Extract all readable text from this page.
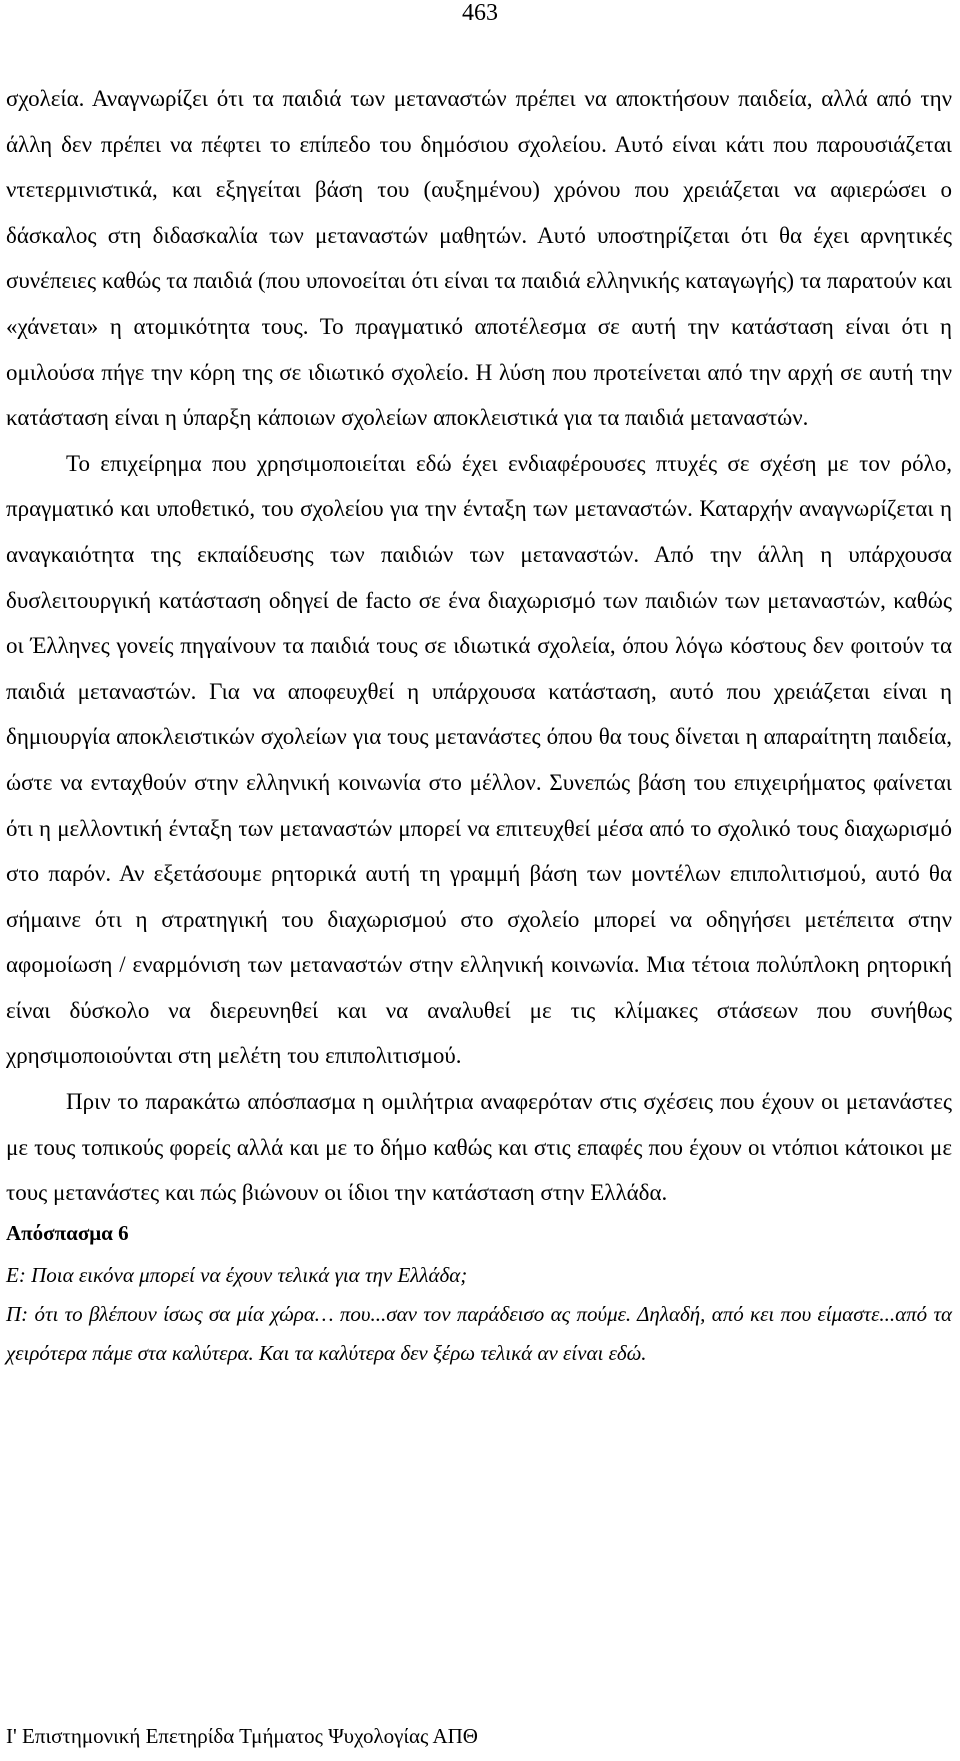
463

σχολεία. Αναγνωρίζει ότι τα παιδιά των μεταναστών πρέπει να αποκτήσουν παιδεία, αλλά από την άλλη δεν πρέπει να πέφτει το επίπεδο του δημόσιου σχολείου. Αυτό είναι κάτι που παρουσιάζεται ντετερμινιστικά, και εξηγείται βάση του (αυξημένου) χρόνου που χρειάζεται να αφιερώσει ο δάσκαλος στη διδασκαλία των μεταναστών μαθητών. Αυτό υποστηρίζεται ότι θα έχει αρνητικές συνέπειες καθώς τα παιδιά (που υπονοείται ότι είναι τα παιδιά ελληνικής καταγωγής) τα παρατούν και «χάνεται» η ατομικότητα τους. Το πραγματικό αποτέλεσμα σε αυτή την κατάσταση είναι ότι η ομιλούσα πήγε την κόρη της σε ιδιωτικό σχολείο. Η λύση που προτείνεται από την αρχή σε αυτή την κατάσταση είναι η ύπαρξη κάποιων σχολείων αποκλειστικά για τα παιδιά μεταναστών.

Το επιχείρημα που χρησιμοποιείται εδώ έχει ενδιαφέρουσες πτυχές σε σχέση με τον ρόλο, πραγματικό και υποθετικό, του σχολείου για την ένταξη των μεταναστών. Καταρχήν αναγνωρίζεται η αναγκαιότητα της εκπαίδευσης των παιδιών των μεταναστών. Από την άλλη η υπάρχουσα δυσλειτουργική κατάσταση οδηγεί de facto σε ένα διαχωρισμό των παιδιών των μεταναστών, καθώς οι Έλληνες γονείς πηγαίνουν τα παιδιά τους σε ιδιωτικά σχολεία, όπου λόγω κόστους δεν φοιτούν τα παιδιά μεταναστών. Για να αποφευχθεί η υπάρχουσα κατάσταση, αυτό που χρειάζεται είναι η δημιουργία αποκλειστικών σχολείων για τους μετανάστες όπου θα τους δίνεται η απαραίτητη παιδεία, ώστε να ενταχθούν στην ελληνική κοινωνία στο μέλλον. Συνεπώς βάση του επιχειρήματος φαίνεται ότι η μελλοντική ένταξη των μεταναστών μπορεί να επιτευχθεί μέσα από το σχολικό τους διαχωρισμό στο παρόν. Αν εξετάσουμε ρητορικά αυτή τη γραμμή βάση των μοντέλων επιπολιτισμού, αυτό θα σήμαινε ότι η στρατηγική του διαχωρισμού στο σχολείο μπορεί να οδηγήσει μετέπειτα στην αφομοίωση / εναρμόνιση των μεταναστών στην ελληνική κοινωνία. Μια τέτοια πολύπλοκη ρητορική είναι δύσκολο να διερευνηθεί και να αναλυθεί με τις κλίμακες στάσεων που συνήθως χρησιμοποιούνται στη μελέτη του επιπολιτισμού.

Πριν το παρακάτω απόσπασμα η ομιλήτρια αναφερόταν στις σχέσεις που έχουν οι μετανάστες με τους τοπικούς φορείς αλλά και με το δήμο καθώς και στις επαφές που έχουν οι ντόπιοι κάτοικοι με τους μετανάστες και πώς βιώνουν οι ίδιοι την κατάσταση στην Ελλάδα.

Απόσπασμα 6

Ε: Ποια εικόνα μπορεί να έχουν τελικά για την Ελλάδα;

Π: ότι το βλέπουν ίσως σα μία χώρα… που...σαν τον παράδεισο ας πούμε. Δηλαδή, από κει που είμαστε...από τα χειρότερα πάμε στα καλύτερα. Και τα καλύτερα δεν ξέρω τελικά αν είναι εδώ.

Ι' Επιστημονική Επετηρίδα Τμήματος Ψυχολογίας ΑΠΘ
